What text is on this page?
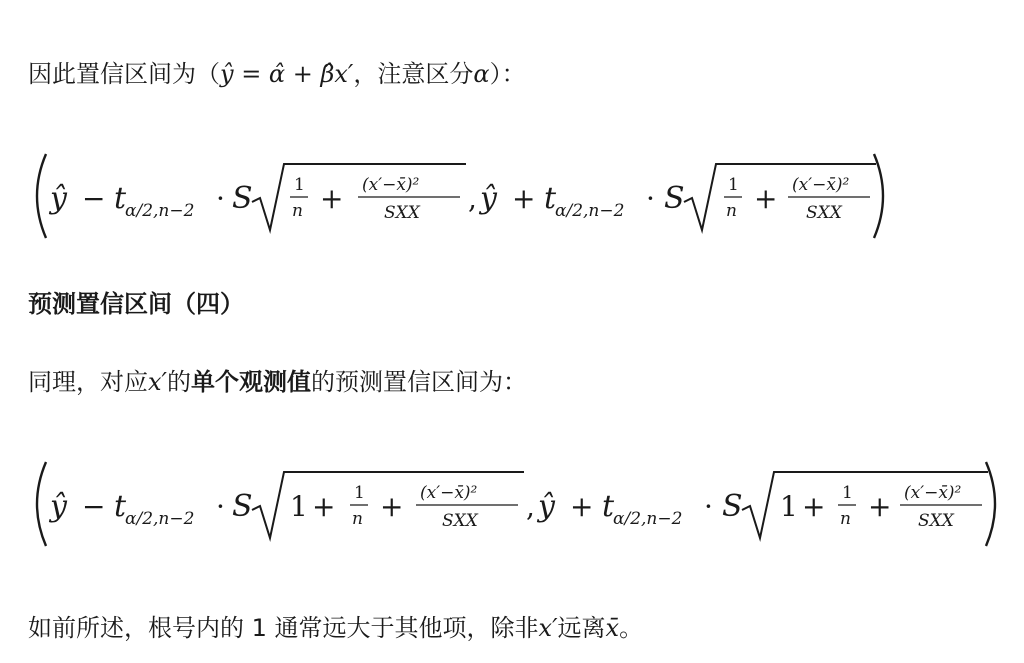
因此置信区间为（ŷ = α̂ + β̂x′，注意区分α）：
ŷ − t
α/2,n−2 · S 1
n + (x′−x̄)²
SXX , ŷ + t
α/2,n−2 · S	1
n + (x′−x̄)²
SXX
预测置信区间（四）
同理，对应x′的单个观测值的预测置信区间为：
ŷ − t
α/2,n−2 · S 1 + 1
n + (x′−x̄)²
SXX , ŷ + t
α/2,n−2 · S 1 + 1
n + (x′−x̄)²
SXX
如前所述，根号内的 1 通常远大于其他项，除非x′远离x̄。
